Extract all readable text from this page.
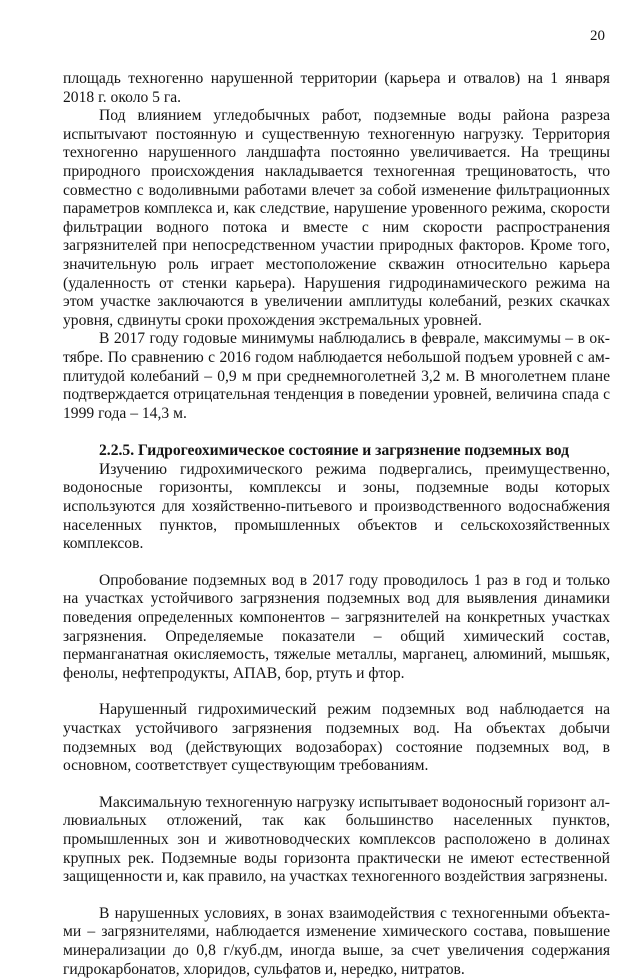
20

площадь техногенно нарушенной территории (карьера и отвалов) на 1 января 2018 г. около 5 га.

Под влиянием угледобычных работ, подземные воды района разреза испытыvают постоянную и существенную техногенную нагрузку. Территория техногенно нарушенного ландшафта постоянно увеличивается. На трещины природного происхождения накладывается техногенная трещиноватость, что совместно с водоливными работами влечет за собой изменение фильтрационных параметров комплекса и, как следствие, нарушение уровенного режима, скорости фильтрации водного потока и вместе с ним скорости распространения загрязнителей при непосредственном участии природных факторов. Кроме того, значительную роль играет местоположение скважин относительно карьера (удаленность от стенки карьера). Нарушения гидродинамического режима на этом участке заключаются в увеличении амплитуды колебаний, резких скачках уровня, сдвинуты сроки прохождения экстремальных уровней.

В 2017 году годовые минимумы наблюдались в феврале, максимумы – в октябре. По сравнению с 2016 годом наблюдается небольшой подъем уровней с амплитудой колебаний – 0,9 м при среднемноголетней 3,2 м. В многолетнем плане подтверждается отрицательная тенденция в поведении уровней, величина спада с 1999 года – 14,3 м.

2.2.5. Гидрогеохимическое состояние и загрязнение подземных вод

Изучению гидрохимического режима подвергались, преимущественно, водоносные горизонты, комплексы и зоны, подземные воды которых используются для хозяйственно-питьевого и производственного водоснабжения населенных пунктов, промышленных объектов и сельскохозяйственных комплексов.

Опробование подземных вод в 2017 году проводилось 1 раз в год и только на участках устойчивого загрязнения подземных вод для выявления динамики поведения определенных компонентов – загрязнителей на конкретных участках загрязнения. Определяемые показатели – общий химический состав, перманганатная окисляемость, тяжелые металлы, марганец, алюминий, мышьяк, фенолы, нефтепродукты, АПАВ, бор, ртуть и фтор.

Нарушенный гидрохимический режим подземных вод наблюдается на участках устойчивого загрязнения подземных вод. На объектах добычи подземных вод (действующих водозаборах) состояние подземных вод, в основном, соответствует существующим требованиям.

Максимальную техногенную нагрузку испытывает водоносный горизонт аллювиальных отложений, так как большинство населенных пунктов, промышленных зон и животноводческих комплексов расположено в долинах крупных рек. Подземные воды горизонта практически не имеют естественной защищенности и, как правило, на участках техногенного воздействия загрязнены.

В нарушенных условиях, в зонах взаимодействия с техногенными объектами – загрязнителями, наблюдается изменение химического состава, повышение минерализации до 0,8 г/куб.дм, иногда выше, за счет увеличения содержания гидрокарбонатов, хлоридов, сульфатов и, нередко, нитратов.
